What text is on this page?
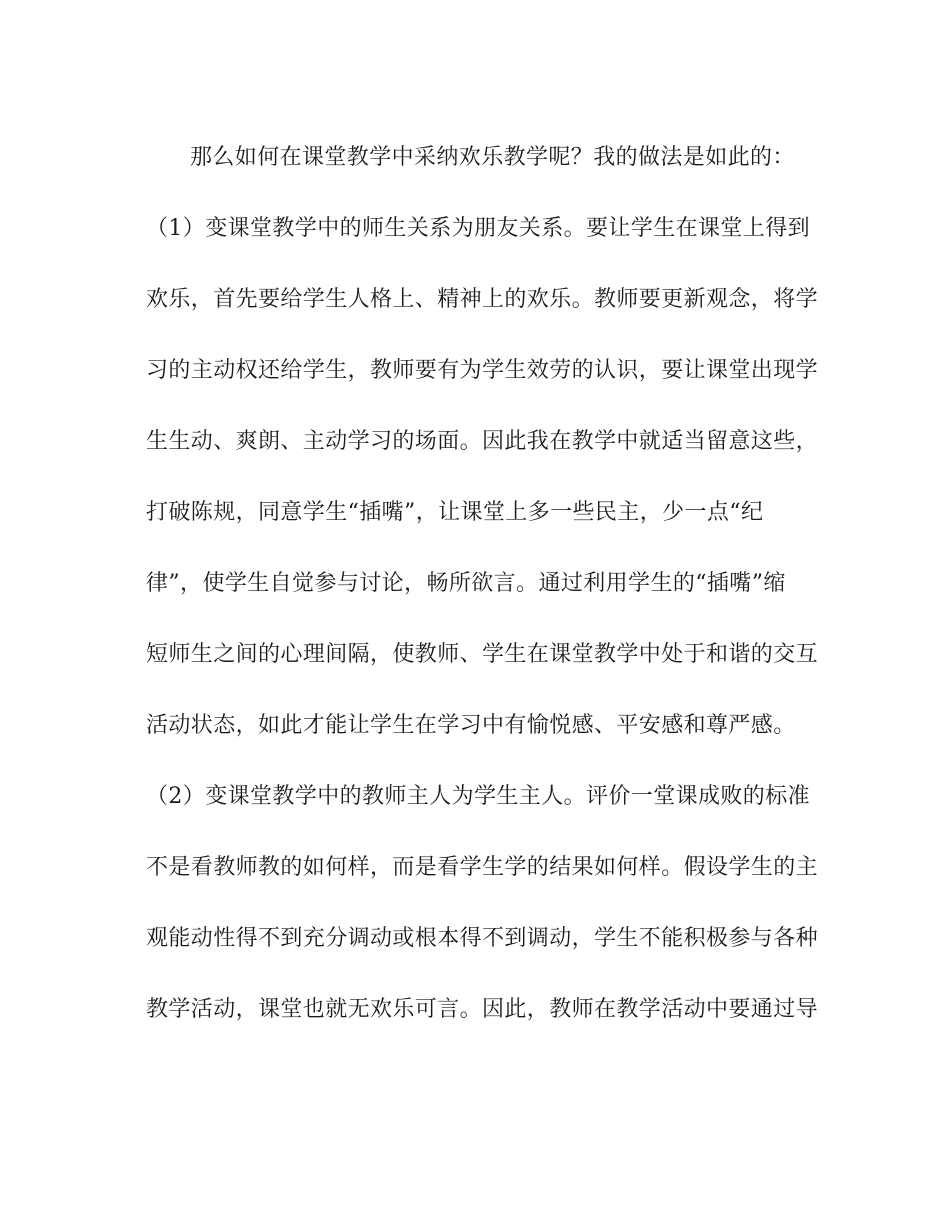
那么如何在课堂教学中采纳欢乐教学呢？我的做法是如此的：
（1）变课堂教学中的师生关系为朋友关系。要让学生在课堂上得到
欢乐，首先要给学生人格上、精神上的欢乐。教师要更新观念，将学
习的主动权还给学生，教师要有为学生效劳的认识，要让课堂出现学
生生动、爽朗、主动学习的场面。因此我在教学中就适当留意这些，
打破陈规，同意学生“插嘴”，让课堂上多一些民主，少一点“纪
律”，使学生自觉参与讨论，畅所欲言。通过利用学生的“插嘴”缩
短师生之间的心理间隔，使教师、学生在课堂教学中处于和谐的交互
活动状态，如此才能让学生在学习中有愉悦感、平安感和尊严感。
（2）变课堂教学中的教师主人为学生主人。评价一堂课成败的标准
不是看教师教的如何样，而是看学生学的结果如何样。假设学生的主
观能动性得不到充分调动或根本得不到调动，学生不能积极参与各种
教学活动，课堂也就无欢乐可言。因此，教师在教学活动中要通过导
